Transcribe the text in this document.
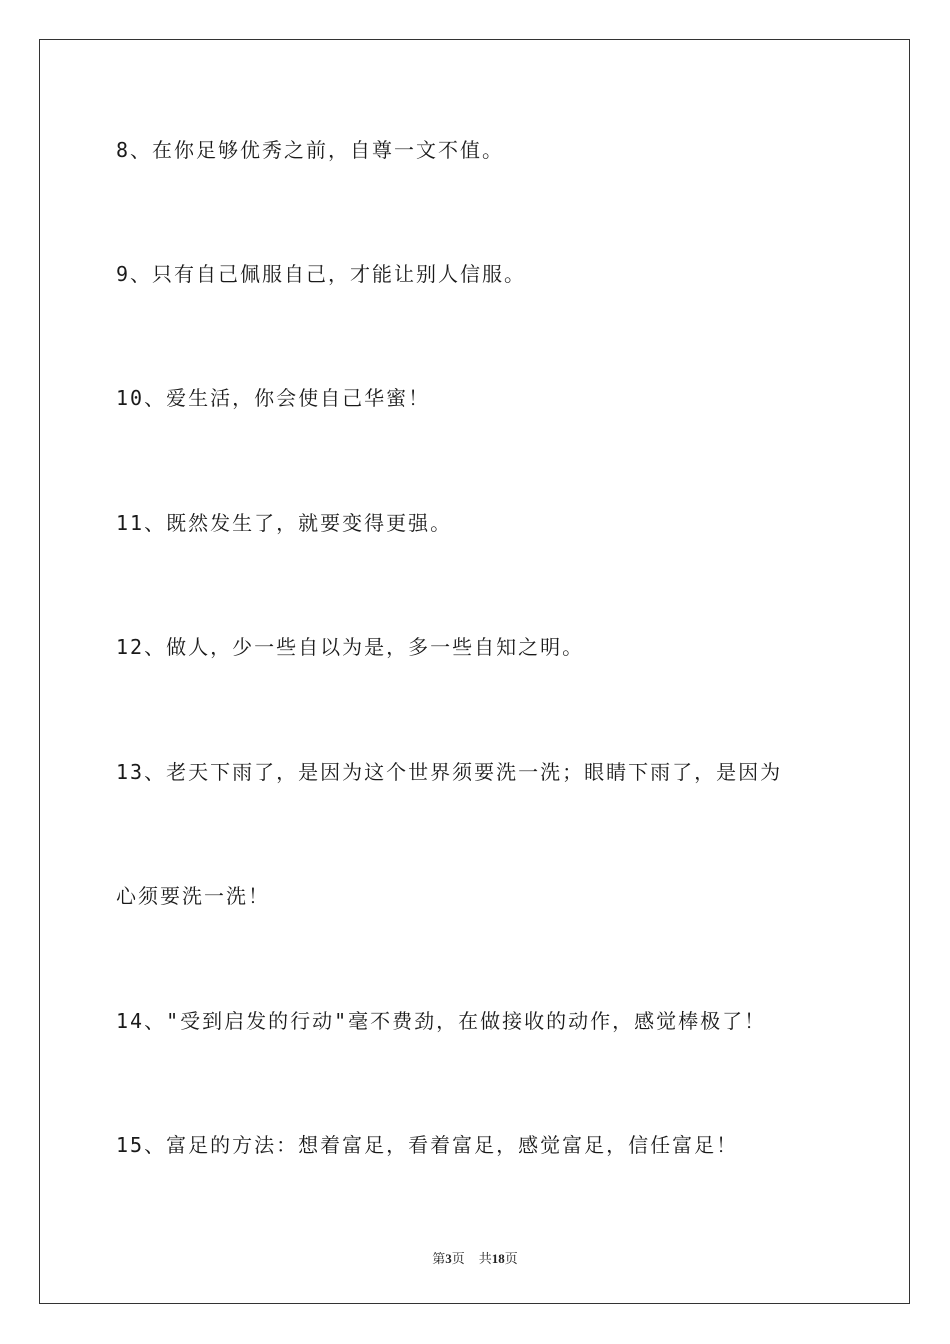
8、在你足够优秀之前，自尊一文不值。
9、只有自己佩服自己，才能让别人信服。
10、爱生活，你会使自己华蜜！
11、既然发生了，就要变得更强。
12、做人，少一些自以为是，多一些自知之明。
13、老天下雨了，是因为这个世界须要洗一洗；眼睛下雨了，是因为
心须要洗一洗！
14、"受到启发的行动"毫不费劲，在做接收的动作，感觉棒极了！
15、富足的方法：想着富足，看着富足，感觉富足，信任富足！
第3页 共18页
